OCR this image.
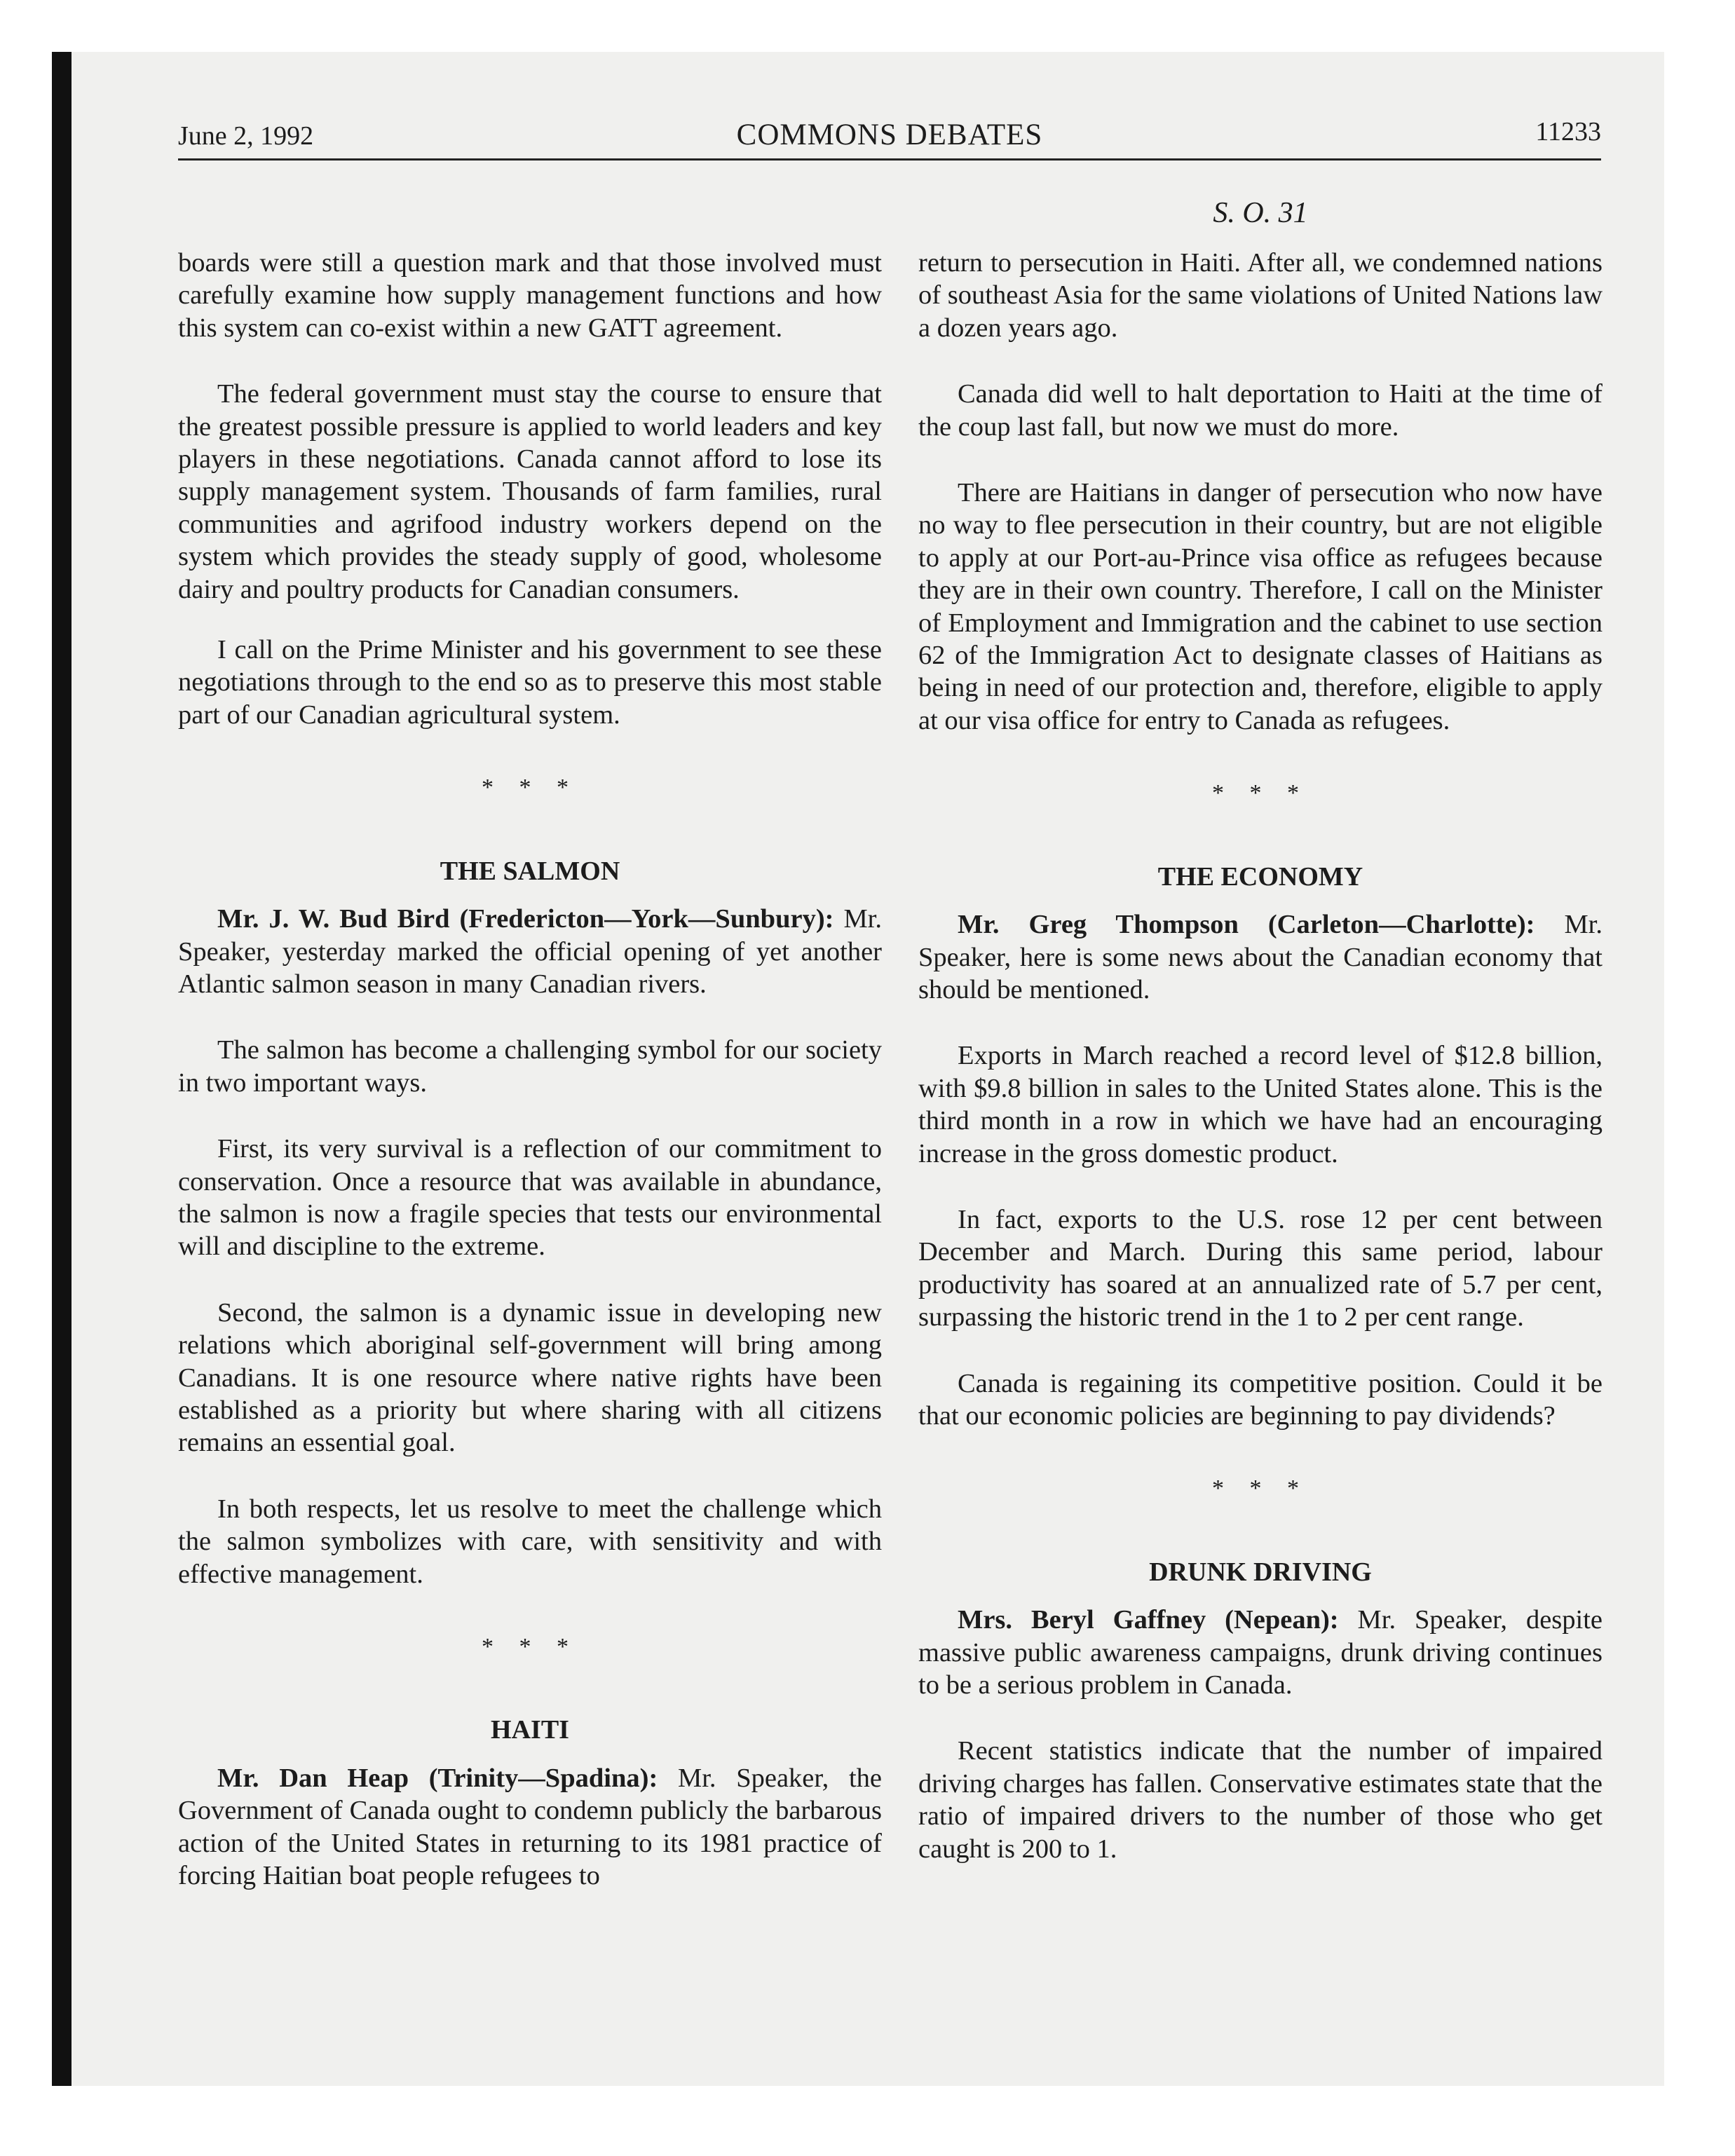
June 2, 1992	COMMONS DEBATES	11233
S. O. 31

boards were still a question mark and that those involved must carefully examine how supply management functions and how this system can co-exist within a new GATT agreement.

The federal government must stay the course to ensure that the greatest possible pressure is applied to world leaders and key players in these negotiations. Canada cannot afford to lose its supply management system. Thousands of farm families, rural communities and agrifood industry workers depend on the system which provides the steady supply of good, wholesome dairy and poultry products for Canadian consumers.

I call on the Prime Minister and his government to see these negotiations through to the end so as to preserve this most stable part of our Canadian agricultural system.

* * *
THE SALMON

Mr. J. W. Bud Bird (Fredericton—York—Sunbury): Mr. Speaker, yesterday marked the official opening of yet another Atlantic salmon season in many Canadian rivers.

The salmon has become a challenging symbol for our society in two important ways.

First, its very survival is a reflection of our commitment to conservation. Once a resource that was available in abundance, the salmon is now a fragile species that tests our environmental will and discipline to the extreme.

Second, the salmon is a dynamic issue in developing new relations which aboriginal self-government will bring among Canadians. It is one resource where native rights have been established as a priority but where sharing with all citizens remains an essential goal.

In both respects, let us resolve to meet the challenge which the salmon symbolizes with care, with sensitivity and with effective management.

* * *
HAITI

Mr. Dan Heap (Trinity—Spadina): Mr. Speaker, the Government of Canada ought to condemn publicly the barbarous action of the United States in returning to its 1981 practice of forcing Haitian boat people refugees to

return to persecution in Haiti. After all, we condemned nations of southeast Asia for the same violations of United Nations law a dozen years ago.

Canada did well to halt deportation to Haiti at the time of the coup last fall, but now we must do more.

There are Haitians in danger of persecution who now have no way to flee persecution in their country, but are not eligible to apply at our Port-au-Prince visa office as refugees because they are in their own country. Therefore, I call on the Minister of Employment and Immigration and the cabinet to use section 62 of the Immigration Act to designate classes of Haitians as being in need of our protection and, therefore, eligible to apply at our visa office for entry to Canada as refugees.

* * *
THE ECONOMY

Mr. Greg Thompson (Carleton—Charlotte): Mr. Speaker, here is some news about the Canadian economy that should be mentioned.

Exports in March reached a record level of $12.8 billion, with $9.8 billion in sales to the United States alone. This is the third month in a row in which we have had an encouraging increase in the gross domestic product.

In fact, exports to the U.S. rose 12 per cent between December and March. During this same period, labour productivity has soared at an annualized rate of 5.7 per cent, surpassing the historic trend in the 1 to 2 per cent range.

Canada is regaining its competitive position. Could it be that our economic policies are beginning to pay dividends?

* * *
DRUNK DRIVING

Mrs. Beryl Gaffney (Nepean): Mr. Speaker, despite massive public awareness campaigns, drunk driving continues to be a serious problem in Canada.

Recent statistics indicate that the number of impaired driving charges has fallen. Conservative estimates state that the ratio of impaired drivers to the number of those who get caught is 200 to 1.
